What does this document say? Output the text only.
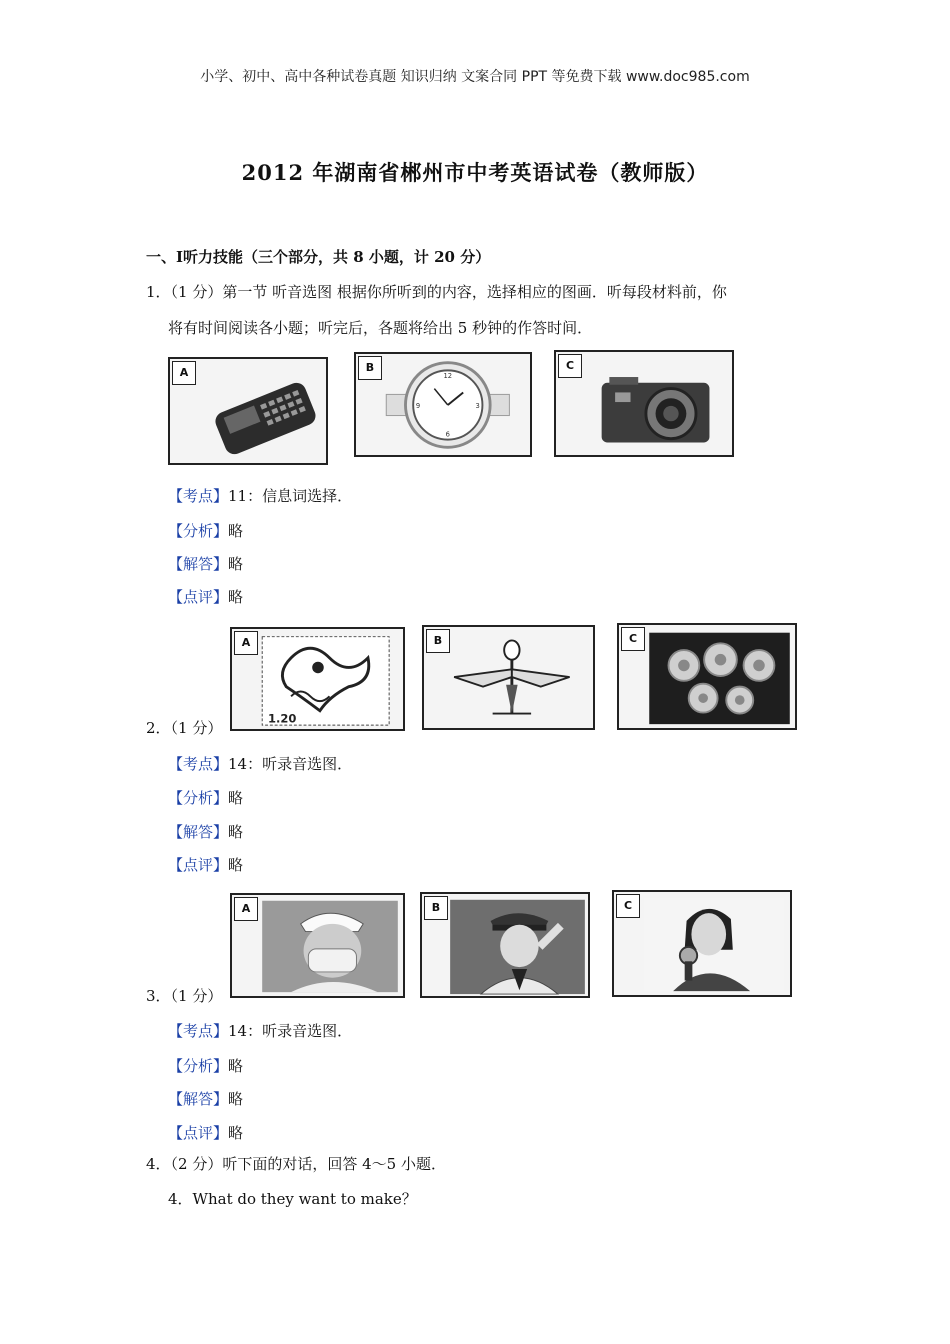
小学、初中、高中各种试卷真题 知识归纳 文案合同 PPT 等免费下载 www.doc985.com
2012 年湖南省郴州市中考英语试卷（教师版）
一、Ⅰ听力技能（三个部分，共 8 小题，计 20 分）
1．（1 分）第一节 听音选图 根据你所听到的内容，选择相应的图画．听每段材料前，你
将有时间阅读各小题；听完后，各题将给出 5 秒钟的作答时间．
A	B
12
3
6
9
C
【考点】11：信息词选择．
【分析】略
【解答】略
【点评】略
A
1.20
B	C
2．（1 分）
【考点】14：听录音选图．
【分析】略
【解答】略
【点评】略
A	B	C
3．（1 分）
【考点】14：听录音选图．
【分析】略
【解答】略
【点评】略
4．（2 分）听下面的对话，回答 4～5 小题．
4．What do they want to make？
